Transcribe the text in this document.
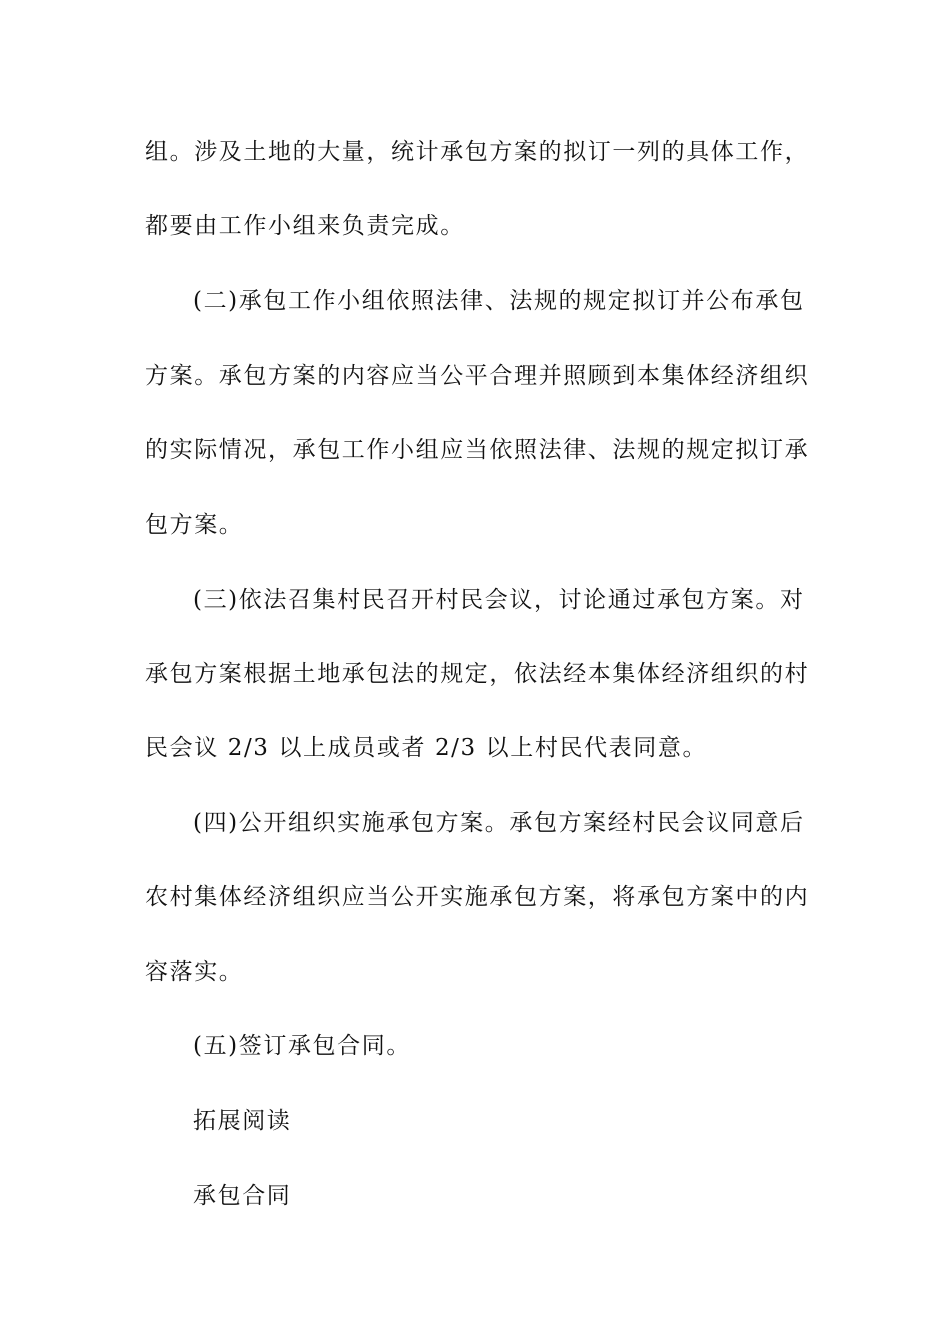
组。涉及土地的大量，统计承包方案的拟订一列的具体工作，
都要由工作小组来负责完成。
(二)承包工作小组依照法律、法规的规定拟订并公布承包
方案。承包方案的内容应当公平合理并照顾到本集体经济组织
的实际情况，承包工作小组应当依照法律、法规的规定拟订承
包方案。
(三)依法召集村民召开村民会议，讨论通过承包方案。对
承包方案根据土地承包法的规定，依法经本集体经济组织的村
民会议 2/3 以上成员或者 2/3 以上村民代表同意。
(四)公开组织实施承包方案。承包方案经村民会议同意后
农村集体经济组织应当公开实施承包方案，将承包方案中的内
容落实。
(五)签订承包合同。
拓展阅读
承包合同
